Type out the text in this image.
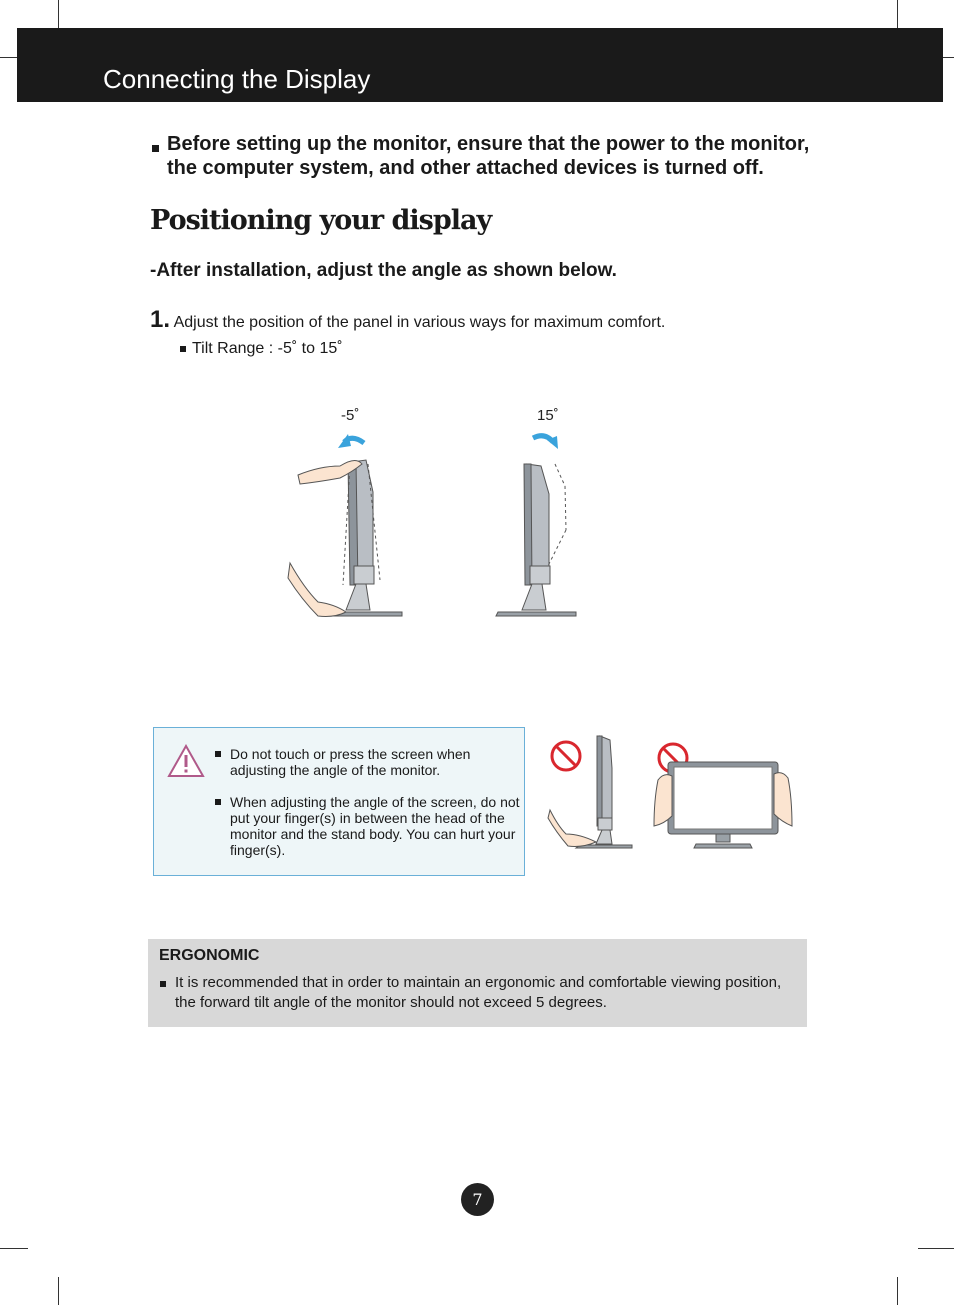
Connecting the Display
Before setting up the monitor, ensure that the power to the monitor, the computer system, and other attached devices is turned off.
Positioning your display
-After installation, adjust the angle as shown below.
1. Adjust the position of the panel in various ways for maximum comfort.
Tilt Range : -5˚ to 15˚
-5˚	15˚
Do not touch or press the screen when adjusting the angle of the monitor.
When adjusting the angle of the screen, do not put your finger(s) in between the head of the monitor and the stand body. You can hurt your finger(s).
ERGONOMIC
It is recommended that in order to maintain an ergonomic and comfortable viewing position, the forward tilt angle of the monitor should not exceed 5 degrees.
7
